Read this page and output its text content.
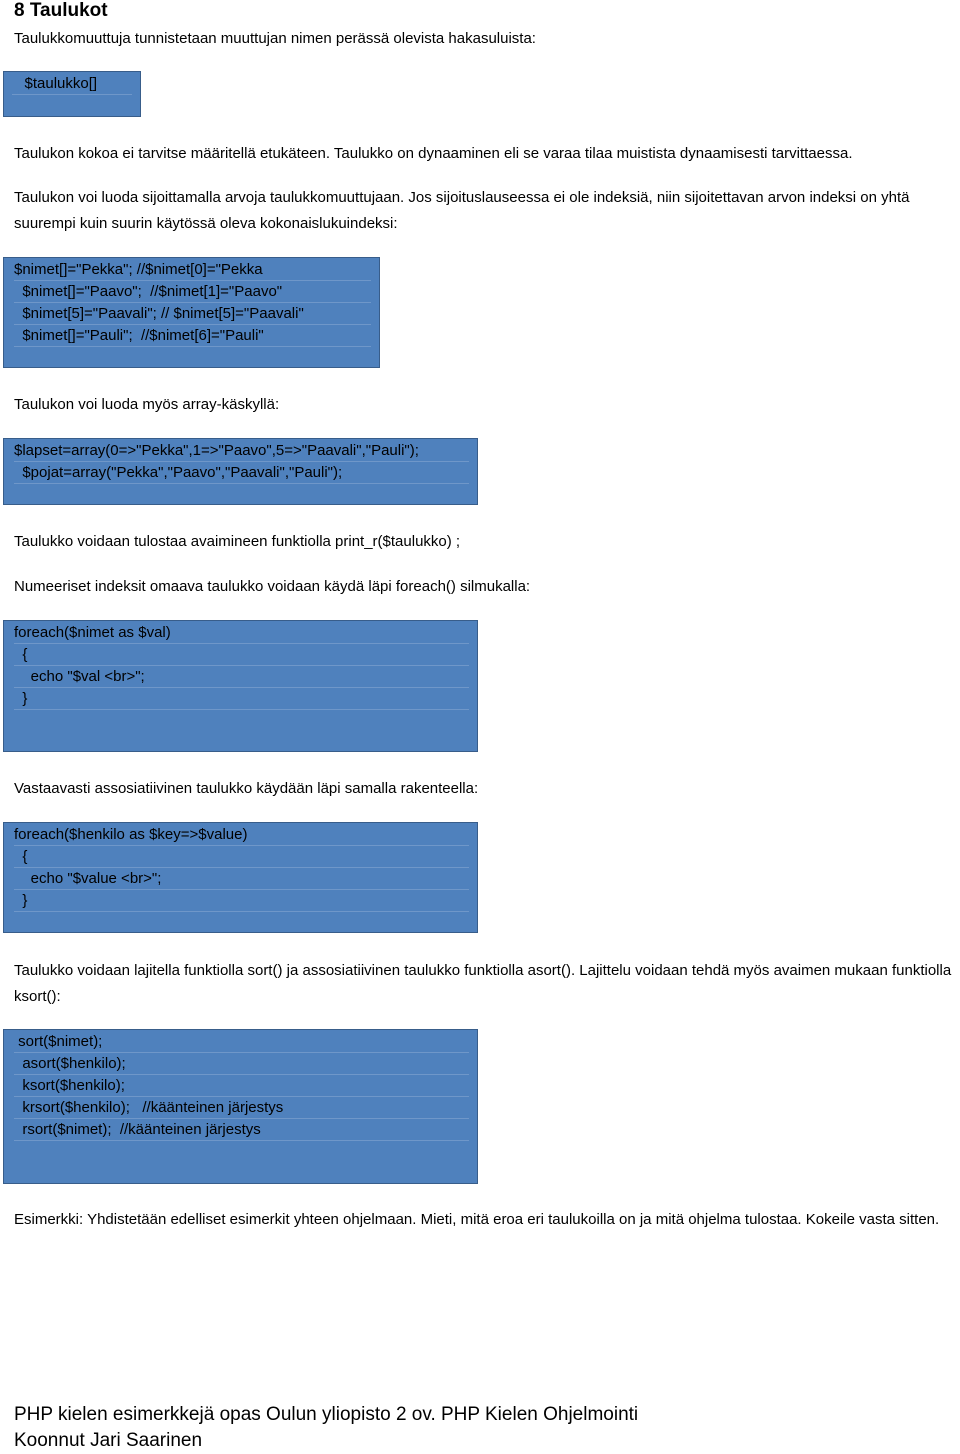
8 Taulukot
Taulukkomuuttuja tunnistetaan muuttujan nimen perässä olevista hakasuluista:
$taulukko[]
Taulukon kokoa ei tarvitse määritellä etukäteen. Taulukko on dynaaminen eli se varaa tilaa muistista dynaamisesti tarvittaessa.
Taulukon voi luoda sijoittamalla arvoja taulukkomuuttujaan. Jos sijoituslauseessa ei ole indeksiä, niin sijoitettavan arvon indeksi on yhtä suurempi kuin suurin käytössä oleva kokonaislukuindeksi:
$nimet[]="Pekka"; //$nimet[0]="Pekka
$nimet[]="Paavo";  //$nimet[1]="Paavo"
$nimet[5]="Paavali"; // $nimet[5]="Paavali"
$nimet[]="Pauli";  //$nimet[6]="Pauli"
Taulukon voi luoda myös array-käskyllä:
$lapset=array(0=>"Pekka",1=>"Paavo",5=>"Paavali","Pauli");
$pojat=array("Pekka","Paavo","Paavali","Pauli");
Taulukko voidaan tulostaa avaimineen funktiolla print_r($taulukko) ;
Numeeriset indeksit omaava taulukko voidaan käydä läpi foreach() silmukalla:
foreach($nimet as $val)
{
echo "$val <br>";
}
Vastaavasti assosiatiivinen taulukko käydään läpi samalla rakenteella:
foreach($henkilo as $key=>$value)
{
echo "$value <br>";
}
Taulukko voidaan lajitella funktiolla sort() ja assosiatiivinen taulukko funktiolla asort(). Lajittelu voidaan tehdä myös avaimen mukaan funktiolla ksort():
sort($nimet);
asort($henkilo);
ksort($henkilo);
krsort($henkilo);   //käänteinen järjestys
rsort($nimet);  //käänteinen järjestys
Esimerkki: Yhdistetään edelliset esimerkit yhteen ohjelmaan. Mieti, mitä eroa eri taulukoilla on ja mitä ohjelma tulostaa. Kokeile vasta sitten.
PHP kielen esimerkkejä opas Oulun yliopisto 2 ov. PHP Kielen Ohjelmointi
Koonnut Jari Saarinen
